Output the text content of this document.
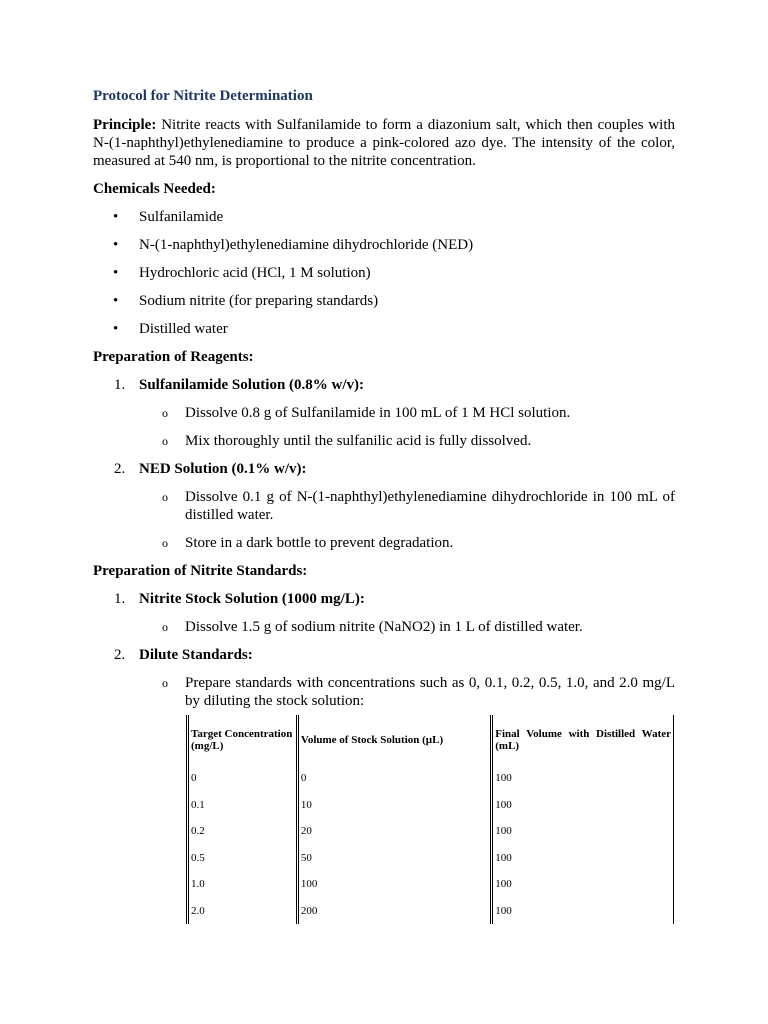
Protocol for Nitrite Determination

Principle: Nitrite reacts with Sulfanilamide to form a diazonium salt, which then couples with N-(1-naphthyl)ethylenediamine to produce a pink-colored azo dye. The intensity of the color, measured at 540 nm, is proportional to the nitrite concentration.

Chemicals Needed:
• Sulfanilamide
• N-(1-naphthyl)ethylenediamine dihydrochloride (NED)
• Hydrochloric acid (HCl, 1 M solution)
• Sodium nitrite (for preparing standards)
• Distilled water
Preparation of Reagents:
1. Sulfanilamide Solution (0.8% w/v):
o Dissolve 0.8 g of Sulfanilamide in 100 mL of 1 M HCl solution.
o Mix thoroughly until the sulfanilic acid is fully dissolved.
2. NED Solution (0.1% w/v):
o Dissolve 0.1 g of N-(1-naphthyl)ethylenediamine dihydrochloride in 100 mL of distilled water.
o Store in a dark bottle to prevent degradation.
Preparation of Nitrite Standards:
1. Nitrite Stock Solution (1000 mg/L):
o Dissolve 1.5 g of sodium nitrite (NaNO2) in 1 L of distilled water.
2. Dilute Standards:
o Prepare standards with concentrations such as 0, 0.1, 0.2, 0.5, 1.0, and 2.0 mg/L by diluting the stock solution:
Target Concentration (mg/L)	Volume of Stock Solution (µL)	Final Volume with Distilled Water (mL)
0	0	100
0.1	10	100
0.2	20	100
0.5	50	100
1.0	100	100
2.0	200	100
